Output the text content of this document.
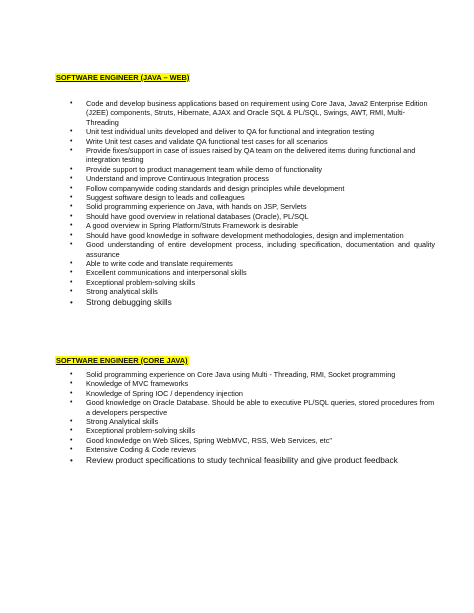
SOFTWARE ENGINEER (JAVA – WEB)
• Code and develop business applications based on requirement using Core Java, Java2 Enterprise Edition (J2EE) components, Struts, Hibernate, AJAX and Oracle SQL & PL/SQL, Swings, AWT, RMI, Multi-Threading
• Unit test individual units developed and deliver to QA for functional and integration testing
• Write Unit test cases and validate QA functional test cases for all scenarios
• Provide fixes/support in case of issues raised by QA team on the delivered items during functional and integration testing
• Provide support to product management team while demo of functionality
• Understand and improve Continuous Integration process
• Follow companywide coding standards and design principles while development
• Suggest software design to leads and colleagues
• Solid programming experience on Java, with hands on JSP, Servlets
• Should have good overview in relational databases (Oracle), PL/SQL
• A good overview in Spring Platform/Struts Framework is desirable
• Should have good knowledge in software development methodologies, design and implementation
• Good understanding of entire development process, including specification, documentation and quality assurance
• Able to write code and translate requirements
• Excellent communications and interpersonal skills
• Exceptional problem-solving skills
• Strong analytical skills
• Strong debugging skills
SOFTWARE ENGINEER (CORE JAVA)
• Solid programming experience on Core Java using Multi - Threading, RMI, Socket programming
• Knowledge of MVC frameworks
• Knowledge of Spring IOC / dependency injection
• Good knowledge on Oracle Database. Should be able to executive PL/SQL queries, stored procedures from a developers perspective
• Strong Analytical skills
• Exceptional problem-solving skills
• Good knowledge on Web Slices, Spring WebMVC, RSS, Web Services, etc"
• Extensive Coding & Code reviews
• Review product specifications to study technical feasibility and give product feedback
